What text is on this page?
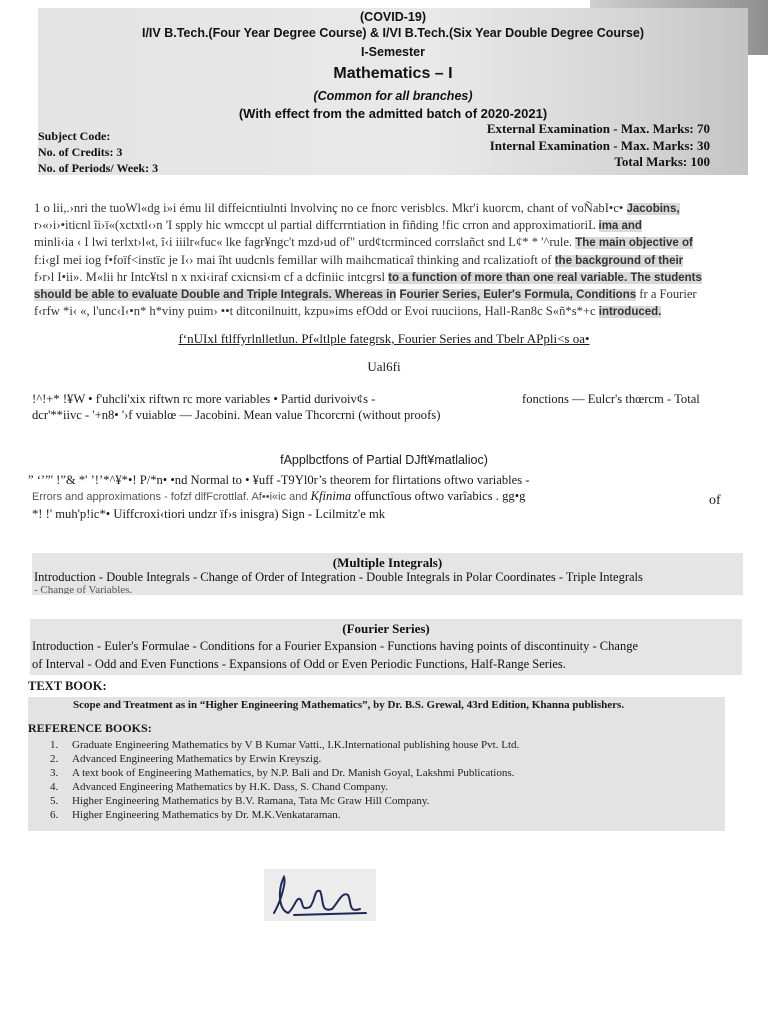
(COVID-19)
I/IV B.Tech.(Four Year Degree Course) & I/VI B.Tech.(Six Year Double Degree Course)
I-Semester
Mathematics – I
(Common for all branches)
(With effect from the admitted batch of 2020-2021)
Subject Code:
No. of Credits: 3
No. of Periods/ Week: 3
External Examination - Max. Marks: 70
Internal Examination - Max. Marks: 30
Total Marks: 100
1 o lii,.›nri the tuoWl«dg i»i ému lil diffeicntiulnti lnvolvinç no ce fnorc verisblcs. Mkr'i kuorcm, chant of voÑabI•c• Jacobins,
r›«›i›•iticnl îi›ï«(xctxtl‹›n 'I spply hic wmccpt ul partial diffcrrntiation in fiñding !fic crron and approximatioriL ima and
minli‹ia ‹ I lwi terlxt›l«t, î‹i iiilr«fuc« lke fagr¥ngc't mzd›ud of" urd¢tcrminced corrslañct snd L¢* * '^rule. The main objective of
f:i‹gI mei iog f•foïf<instïc je I‹› mai îht uudcnls femillar wilh maihcmaticaî thinking and rcalizatioft of the background of their
f›r›l I•ii». M«lii hr Intc¥tsl n x nxi‹iraf cxicnsi‹m cf a dcfiniic intcgrsl to a function of more than one real variable. The students
should be able to evaluate Double and Triple Integrals. Whereas in Fourier Series, Euler's Formula, Conditions fr a Fourier
f‹rfw *i‹ «, l'unc‹I‹•n* h*viny puim› ••t ditconilnuitt, kzpu»ims efOdd or Evoi ruuciions, Hall-Ran8c S«ñ*s*+c introduced.
f‘nUIxl ftlffyrlnlletlun. Pf«ltlple fategrsk, Fourier Series and Tbelr APpli<s oa•
Ual6fi
!^!+* !¥W • f'uhcli'xix riftwn rc more variables • Partid durivoiv¢s -	fonctions — Eulcr's thœrcm - Total
dcr'**iivc - '+n8• '›f vuiablœ — Jacobini. Mean value Thcorcrni (without proofs)
fApplbctfons of Partial DJft¥matlalioc)
” ‘’”' !”& *' ’!’*^¥*•! P/*n• •nd Normal to • ¥uff -T9Yl0r’s theorem for flirtations oftwo variables -
Errors and approximations - fofzf dlfFcrottlaf. Af••i«ic and Kfinima offunctîous oftwo varîabics . gg•g	of
*! !' muh'p!ic*• Uiffcroxi‹tiori undzr ïf›s inisgra) Sign - Lcilmitz'e mk
(Multiple Integrals)
Introduction - Double Integrals - Change of Order of Integration - Double Integrals in Polar Coordinates - Triple Integrals
- Change of Variables.
(Fourier Series)
Introduction - Euler's Formulae - Conditions for a Fourier Expansion - Functions having points of discontinuity - Change
of Interval - Odd and Even Functions - Expansions of Odd or Even Periodic Functions, Half-Range Series.
TEXT BOOK:
Scope and Treatment as in “Higher Engineering Mathematics”, by Dr. B.S. Grewal, 43rd Edition, Khanna publishers.
REFERENCE BOOKS:
1. Graduate Engineering Mathematics by V B Kumar Vatti., I.K.International publishing house Pvt. Ltd.
2. Advanced Engineering Mathematics by Erwin Kreyszig.
3. A text book of Engineering Mathematics, by N.P. Bali and Dr. Manish Goyal, Lakshmi Publications.
4. Advanced Engineering Mathematics by H.K. Dass, S. Chand Company.
5. Higher Engineering Mathematics by B.V. Ramana, Tata Mc Graw Hill Company.
6. Higher Engineering Mathematics by Dr. M.K.Venkataraman.
